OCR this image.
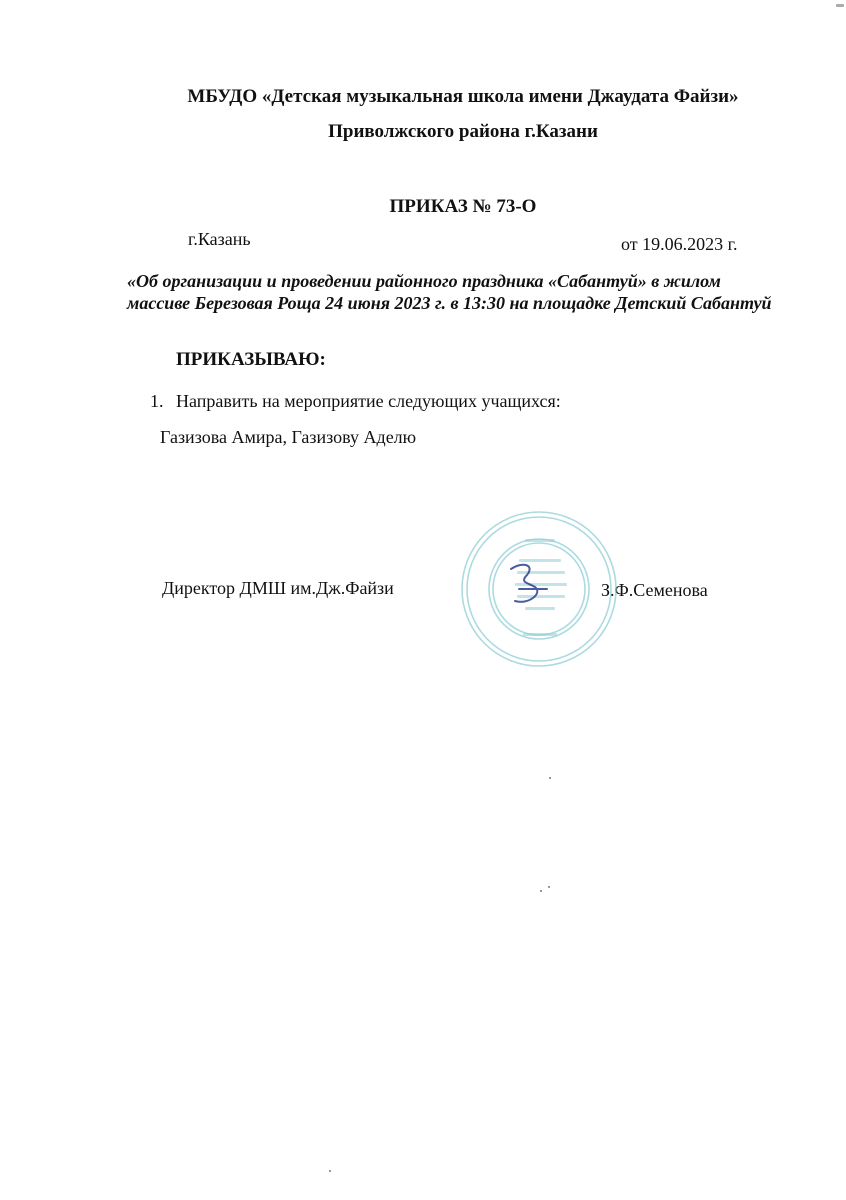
МБУДО «Детская музыкальная школа имени Джаудата Файзи»
Приволжского района г.Казани
ПРИКАЗ № 73-О
г.Казань	от 19.06.2023 г.
«Об организации и проведении районного праздника «Сабантуй» в жилом массиве Березовая Роща 24 июня 2023 г. в 13:30 на площадке Детский Сабантуй
ПРИКАЗЫВАЮ:
1. Направить на мероприятие следующих учащихся:
Газизова Амира, Газизову Аделю
Директор ДМШ им.Дж.Файзи	З.Ф.Семенова
